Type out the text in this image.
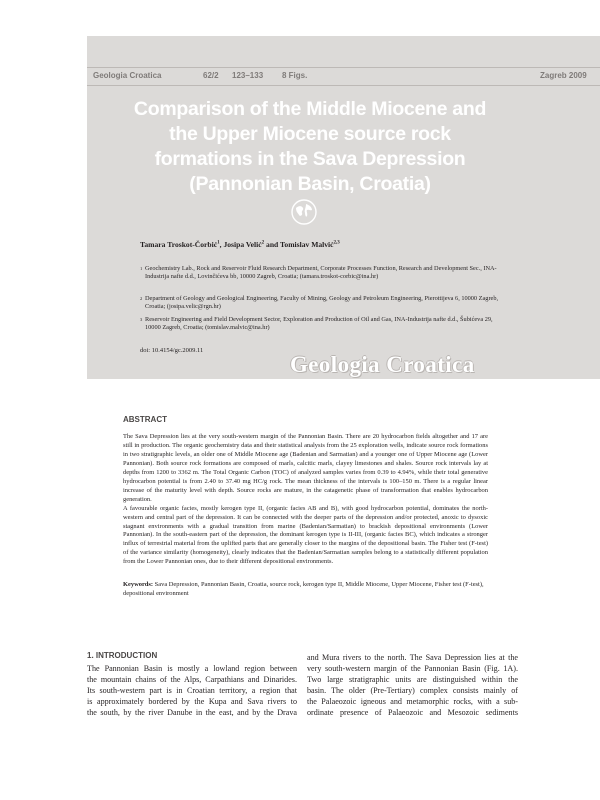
Geologia Croatica	62/2 123–133 8 Figs.	Zagreb 2009
Comparison of the Middle Miocene and
the Upper Miocene source rock
formations in the Sava Depression
(Pannonian Basin, Croatia)
Tamara Troskot-Čorbić$^1$, Josipa Velić$^2$ and Tomislav Malvić$^{2,3}$
1 Geochemistry Lab., Rock and Reservoir Fluid Research Department, Corporate Processes Function, Research and Development Sec., INA-Industrija nafte d.d., Lovinčićeva bb, 10000 Zagreb, Croatia; (tamara.troskot-corbic@ina.hr)
2 Department of Geology and Geological Engineering, Faculty of Mining, Geology and Petroleum Engineering, Pierottijeva 6, 10000 Zagreb, Croatia; (josipa.velic@rgn.hr)
3 Reservoir Engineering and Field Development Sector, Exploration and Production of Oil and Gas, INA-Industrija nafte d.d., Šubićeva 29, 10000 Zagreb, Croatia; (tomislav.malvic@ina.hr)
doi: 10.4154/gc.2009.11
Geologia Croatica
ABSTRACT

The Sava Depression lies at the very south-western margin of the Pannonian Basin. There are 20 hydrocarbon fields altogether and 17 are still in production. The organic geochemistry data and their statistical analysis from the 25 exploration wells, indicate source rock formations in two stratigraphic levels, an older one of Middle Miocene age (Badenian and Sarmatian) and a younger one of Upper Miocene age (Lower Pannonian). Both source rock formations are composed of marls, calcitic marls, clayey limestones and shales. Source rock intervals lay at depths from 1200 to 3362 m. The Total Organic Carbon (TOC) of analyzed samples varies from 0.39 to 4.94%, while their total generative hydrocarbon potential is from 2.40 to 37.40 mg HC/g rock. The mean thickness of the intervals is 100–150 m. There is a regular linear increase of the maturity level with depth. Source rocks are mature, in the catagenetic phase of transformation that enables hydrocarbon generation.

A favourable organic facies, mostly kerogen type II, (organic facies AB and B), with good hydrocarbon potential, dominates the north-western and central part of the depression. It can be connected with the deeper parts of the depression and/or protected, anoxic to dysoxic stagnant environments with a gradual transition from marine (Badenian/Sarmatian) to brackish depositional environments (Lower Pannonian). In the south-eastern part of the depression, the dominant kerogen type is II-III, (organic facies BC), which indicates a stronger influx of terrestrial material from the uplifted parts that are generally closer to the margins of the depositional basin. The Fisher test (F-test) of the variance similarity (homogeneity), clearly indicates that the Badenian/Sarmatian samples belong to a statistically different population from the Lower Pannonian ones, due to their different depositional environments.

Keywords: Sava Depression, Pannonian Basin, Croatia, source rock, kerogen type II, Middle Miocene, Upper Miocene, Fisher test (F-test), depositional environment
1. INTRODUCTION
The Pannonian Basin is mostly a lowland region between
the mountain chains of the Alps, Carpathians and Dinarides.
Its south-western part is in Croatian territory, a region that
is approximately bordered by the Kupa and Sava rivers to
the south, by the river Danube in the east, and by the Drava
and Mura rivers to the north. The Sava Depression lies at the
very south-western margin of the Pannonian Basin (Fig. 1A).
Two large stratigraphic units are distinguished within the
basin. The older (Pre-Tertiary) complex consists mainly of
the Palaeozoic igneous and metamorphic rocks, with a sub-
ordinate presence of Palaeozoic and Mesozoic sediments
